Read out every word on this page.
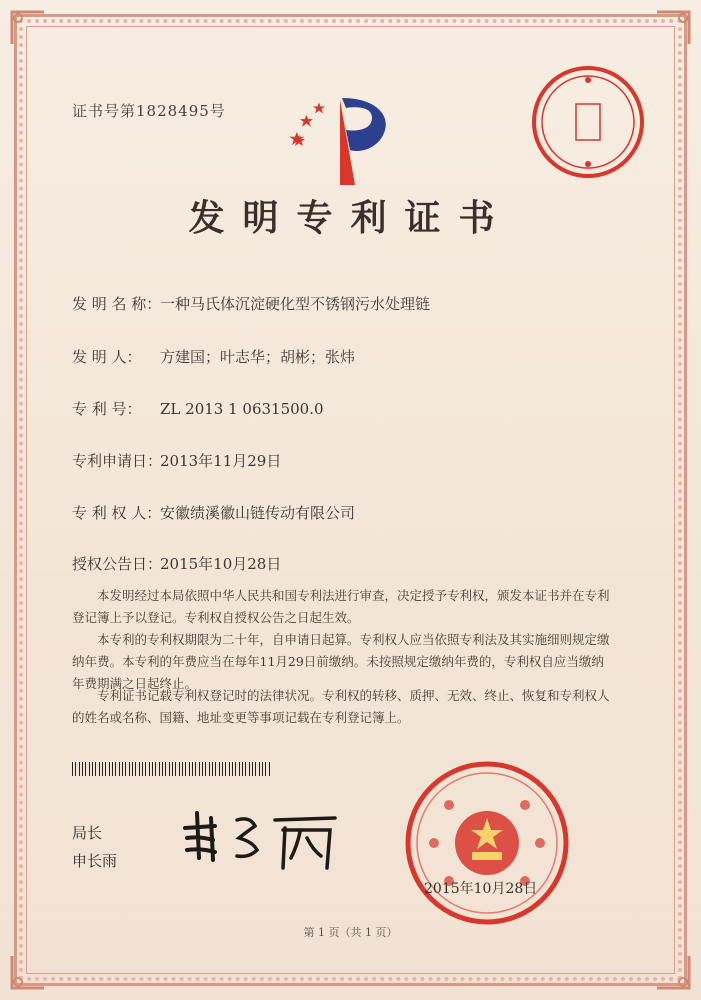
证书号第1828495号
发明专利证书
发 明 名 称：一种马氏体沉淀硬化型不锈钢污水处理链
发 明 人： 方建国；叶志华；胡彬；张炜
专 利 号： ZL 2013 1 0631500.0
专利申请日：2013年11月29日
专 利 权 人：安徽绩溪徽山链传动有限公司
授权公告日：2015年10月28日
本发明经过本局依照中华人民共和国专利法进行审查，决定授予专利权，颁发本证书并在专利登记簿上予以登记。专利权自授权公告之日起生效。
本专利的专利权期限为二十年，自申请日起算。专利权人应当依照专利法及其实施细则规定缴纳年费。本专利的年费应当在每年11月29日前缴纳。未按照规定缴纳年费的，专利权自应当缴纳年费期满之日起终止。
专利证书记载专利权登记时的法律状况。专利权的转移、质押、无效、终止、恢复和专利权人的姓名或名称、国籍、地址变更等事项记载在专利登记簿上。
局长
申长雨
2015年10月28日
第 1 页（共 1 页）
